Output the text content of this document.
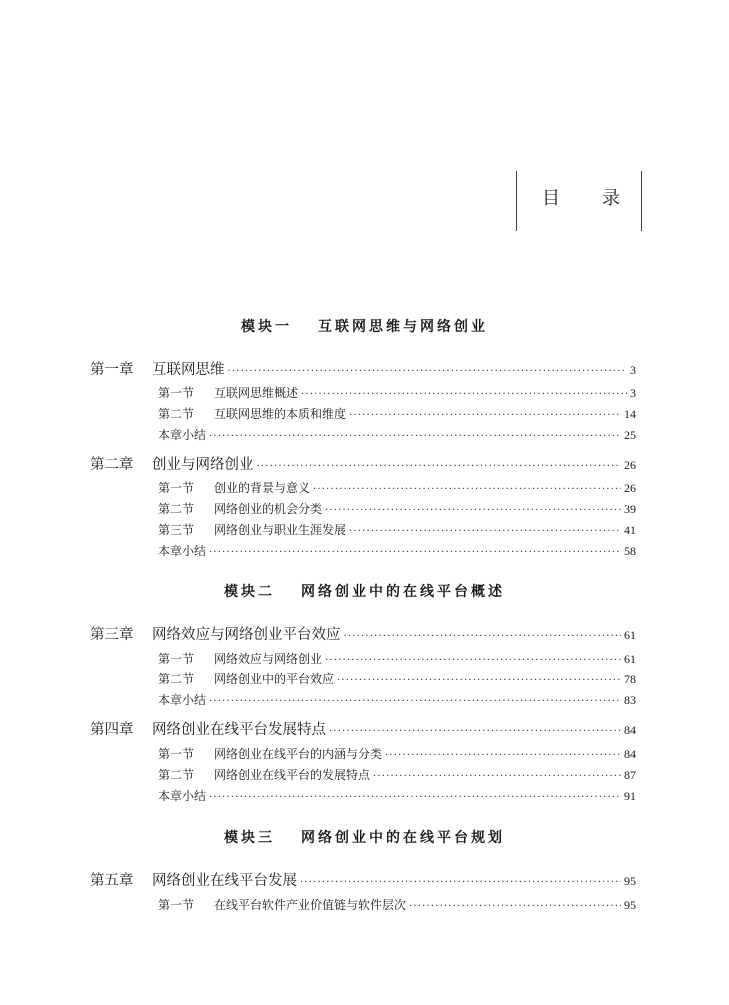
目 录
模块一 互联网思维与网络创业
第一章	互联网思维 ·····	3
第一节	互联网思维概述 ·····	3
第二节	互联网思维的本质和维度 ·····	14
本章小结 ·····	25
第二章	创业与网络创业 ·····	26
第一节	创业的背景与意义 ·····	26
第二节	网络创业的机会分类 ·····	39
第三节	网络创业与职业生涯发展 ·····	41
本章小结 ·····	58
模块二 网络创业中的在线平台概述
第三章	网络效应与网络创业平台效应 ·····	61
第一节	网络效应与网络创业 ·····	61
第二节	网络创业中的平台效应 ·····	78
本章小结 ·····	83
第四章	网络创业在线平台发展特点 ·····	84
第一节	网络创业在线平台的内涵与分类 ·····	84
第二节	网络创业在线平台的发展特点 ·····	87
本章小结 ·····	91
模块三 网络创业中的在线平台规划
第五章	网络创业在线平台发展 ·····	95
第一节	在线平台软件产业价值链与软件层次 ·····	95
